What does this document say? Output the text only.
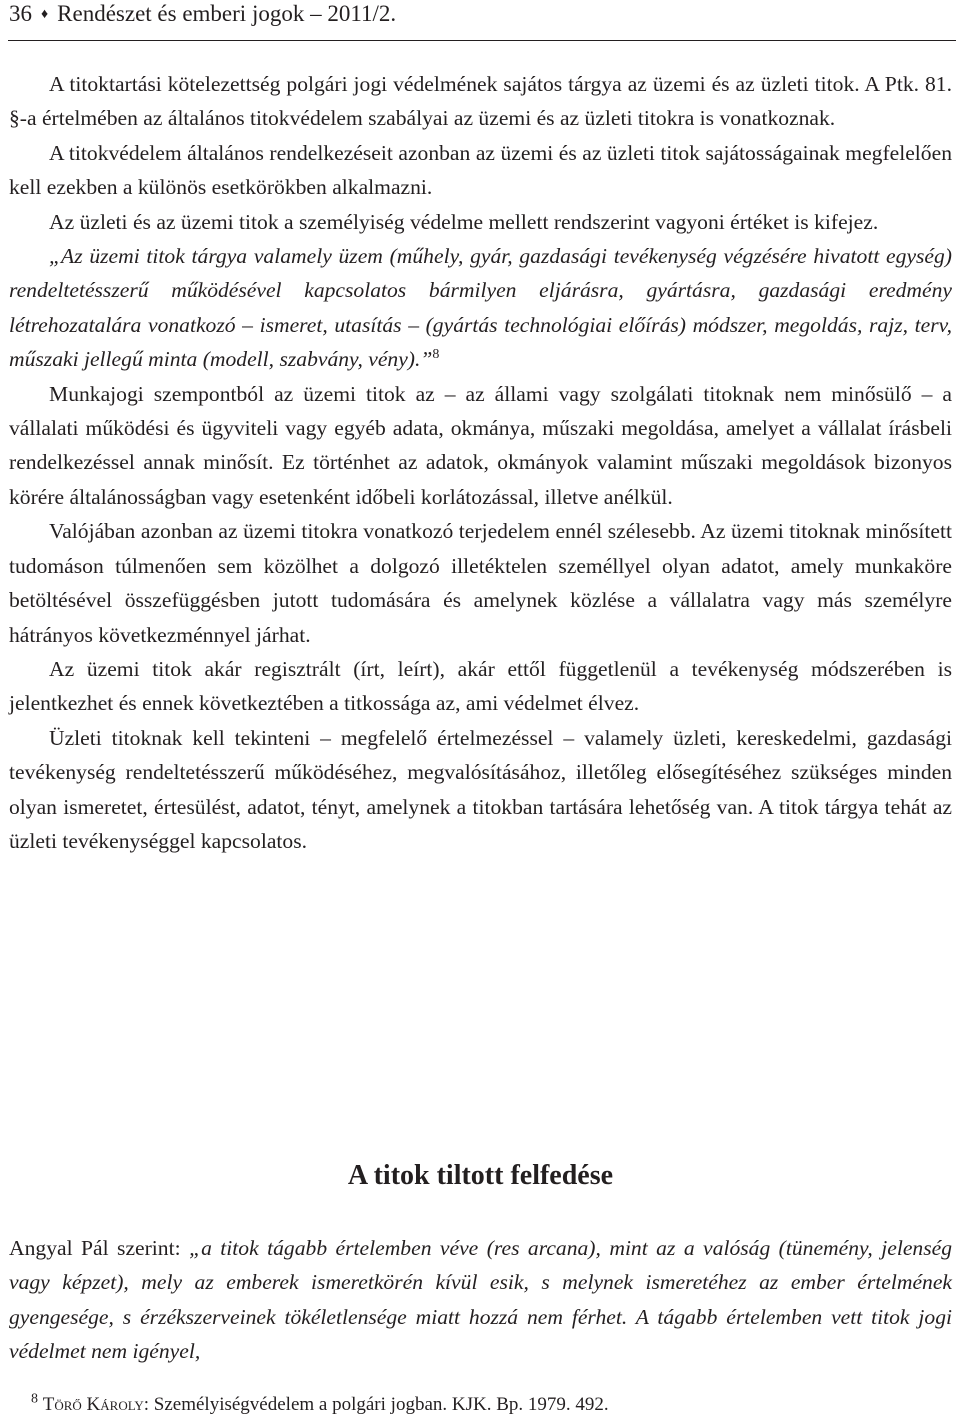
36 ♦ Rendészet és emberi jogok – 2011/2.

A titoktartási kötelezettség polgári jogi védelmének sajátos tárgya az üzemi és az üzleti titok. A Ptk. 81. §-a értelmében az általános titokvédelem szabályai az üzemi és az üzleti titokra is vonatkoznak.

A titokvédelem általános rendelkezéseit azonban az üzemi és az üzleti titok sajátosságainak megfelelően kell ezekben a különös esetkörökben alkalmazni.

Az üzleti és az üzemi titok a személyiség védelme mellett rendszerint vagyoni értéket is kifejez.

„Az üzemi titok tárgya valamely üzem (műhely, gyár, gazdasági tevékenység végzésére hivatott egység) rendeltetésszerű működésével kapcsolatos bármilyen eljárásra, gyártásra, gazdasági eredmény létrehozatalára vonatkozó – ismeret, utasítás – (gyártás technológiai előírás) módszer, megoldás, rajz, terv, műszaki jellegű minta (modell, szabvány, vény).”$^8$

Munkajogi szempontból az üzemi titok az – az állami vagy szolgálati titoknak nem minősülő – a vállalati működési és ügyviteli vagy egyéb adata, okmánya, műszaki megoldása, amelyet a vállalat írásbeli rendelkezéssel annak minősít. Ez történhet az adatok, okmányok valamint műszaki megoldások bizonyos körére általánosságban vagy esetenként időbeli korlátozással, illetve anélkül.

Valójában azonban az üzemi titokra vonatkozó terjedelem ennél szélesebb. Az üzemi titoknak minősített tudomáson túlmenően sem közölhet a dolgozó illetéktelen személlyel olyan adatot, amely munkaköre betöltésével összefüggésben jutott tudomására és amelynek közlése a vállalatra vagy más személyre hátrányos következménnyel járhat.

Az üzemi titok akár regisztrált (írt, leírt), akár ettől függetlenül a tevékenység módszerében is jelentkezhet és ennek következtében a titkossága az, ami védelmet élvez.

Üzleti titoknak kell tekinteni – megfelelő értelmezéssel – valamely üzleti, kereskedelmi, gazdasági tevékenység rendeltetésszerű működéséhez, megvalósításához, illetőleg elősegítéséhez szükséges minden olyan ismeretet, értesülést, adatot, tényt, amelynek a titokban tartására lehetőség van. A titok tárgya tehát az üzleti tevékenységgel kapcsolatos.

A titok tiltott felfedése

Angyal Pál szerint: „a titok tágabb értelemben véve (res arcana), mint az a valóság (tünemény, jelenség vagy képzet), mely az emberek ismeretkörén kívül esik, s melynek ismeretéhez az ember értelmének gyengesége, s érzékszerveinek tökéletlensége miatt hozzá nem férhet. A tágabb értelemben vett titok jogi védelmet nem igényel,

$^8$ Törő Károly: Személyiségvédelem a polgári jogban. KJK. Bp. 1979. 492.
